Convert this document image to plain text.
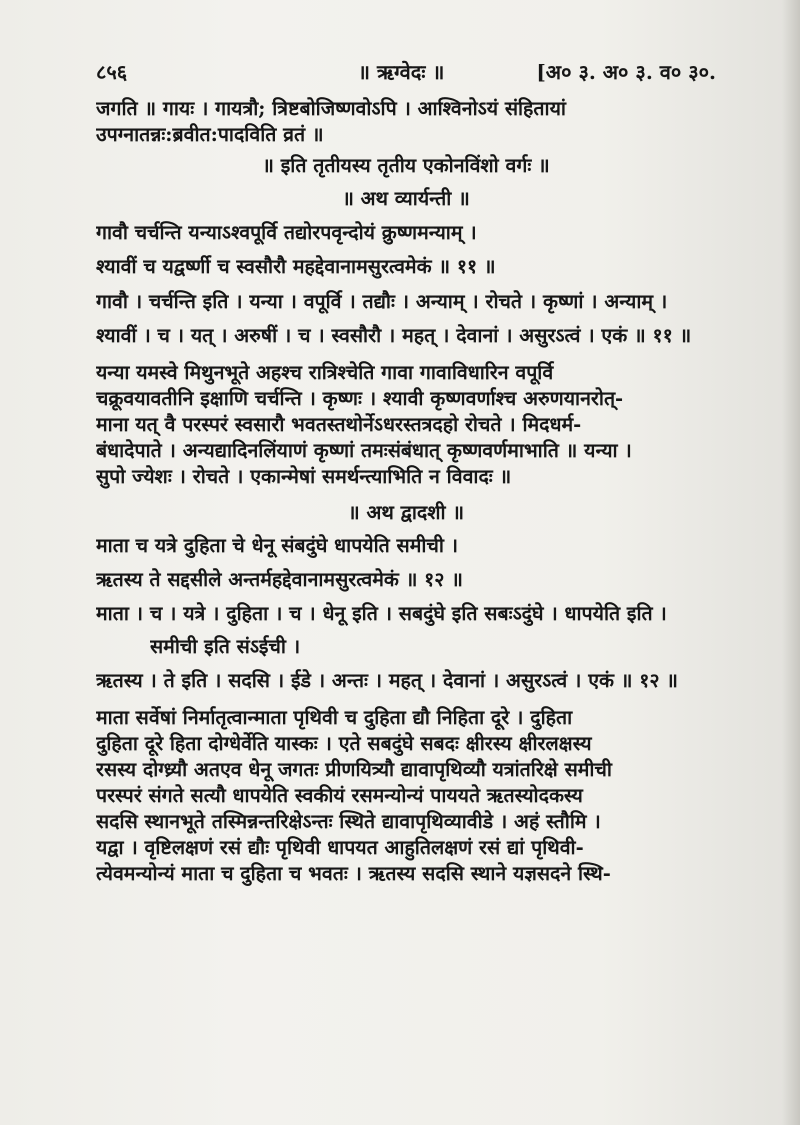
८५६	॥ ऋग्वेदः ॥	[अ० ३. अ० ३. व० ३०.
जगति ॥ गायः । गायत्रौ; त्रिष्टबोजिष्णवोऽपि । आश्विनोऽयं संहितायां
उपग्नातन्नः:ब्रवीत:पादविति व्रतं ॥
॥ इति तृतीयस्य तृतीय एकोनविंशो वर्गः ॥
॥ अथ व्यार्यन्ती ॥
गावौ चर्चन्ति यन्याऽश्वपूर्वि तद्योरपवृन्दोयं क्रुष्णमन्याम् ।
श्यावीं च यद्वर्ष्णी च स्वसौरौ महद्देवानामसुरत्वमेकं ॥ ११ ॥
गावौ । चर्चन्ति इति । यन्या । वपूर्वि । तद्यौः । अन्याम् । रोचते । कृष्णां । अन्याम् ।
श्यावीं । च । यत् । अरुषीं । च । स्वसौरौ । महत् । देवानां । असुरऽत्वं । एकं ॥ ११ ॥
यन्या यमस्वे मिथुनभूते अहश्च रात्रिश्चेति गावा गावाविधारिन वपूर्वि
चक्रूवयावतीनि इक्षाणि चर्चन्ति । कृष्णः । श्यावी कृष्णवर्णाश्च अरुणयानरोत्-
माना यत् वै परस्परं स्वसारौ भवतस्तथोर्नेऽधरस्तत्रदहो रोचते । मिदधर्म-
बंधादेपाते । अन्यद्यादिनलिंयाणं कृष्णां तमःसंबंधात् कृष्णवर्णमाभाति ॥ यन्या ।
सुपो ज्येशः । रोचते । एकान्मेषां समर्थन्त्याभिति न विवादः ॥
॥ अथ द्वादशी ॥
माता च यत्रे दुहिता चे धेनू संबदुंघे धापयेति समीची ।
ऋतस्य ते सद्दसीले अन्तर्महद्देवानामसुरत्वमेकं ॥ १२ ॥
माता । च । यत्रे । दुहिता । च । धेनू इति । सबदुंघे इति सबःऽदुंघे । धापयेति इति ।
समीची इति संऽईची ।
ऋतस्य । ते इति । सदसि । ईडे । अन्तः । महत् । देवानां । असुरऽत्वं । एकं ॥ १२ ॥
माता सर्वेषां निर्मातृत्वान्माता पृथिवी च दुहिता द्यौ निहिता दूरे । दुहिता
दुहिता दूरे हिता दोग्धेर्वेति यास्कः । एते सबदुंघे सबदः क्षीरस्य क्षीरलक्षस्य
रसस्य दोग्ध्र्यौ अतएव धेनू जगतः प्रीणयित्र्यौ द्यावापृथिव्यौ यत्रांतरिक्षे समीची
परस्परं संगते सत्यौ धापयेति स्वकीयं रसमन्योन्यं पाययते ऋतस्योदकस्य
सदसि स्थानभूते तस्मिन्नन्तरिक्षेऽन्तः स्थिते द्यावापृथिव्यावीडे । अहं स्तौमि ।
यद्वा । वृष्टिलक्षणं रसं द्यौः पृथिवी धापयत आहुतिलक्षणं रसं द्यां पृथिवी-
त्येवमन्योन्यं माता च दुहिता च भवतः । ऋतस्य सदसि स्थाने यज्ञसदने स्थि-
